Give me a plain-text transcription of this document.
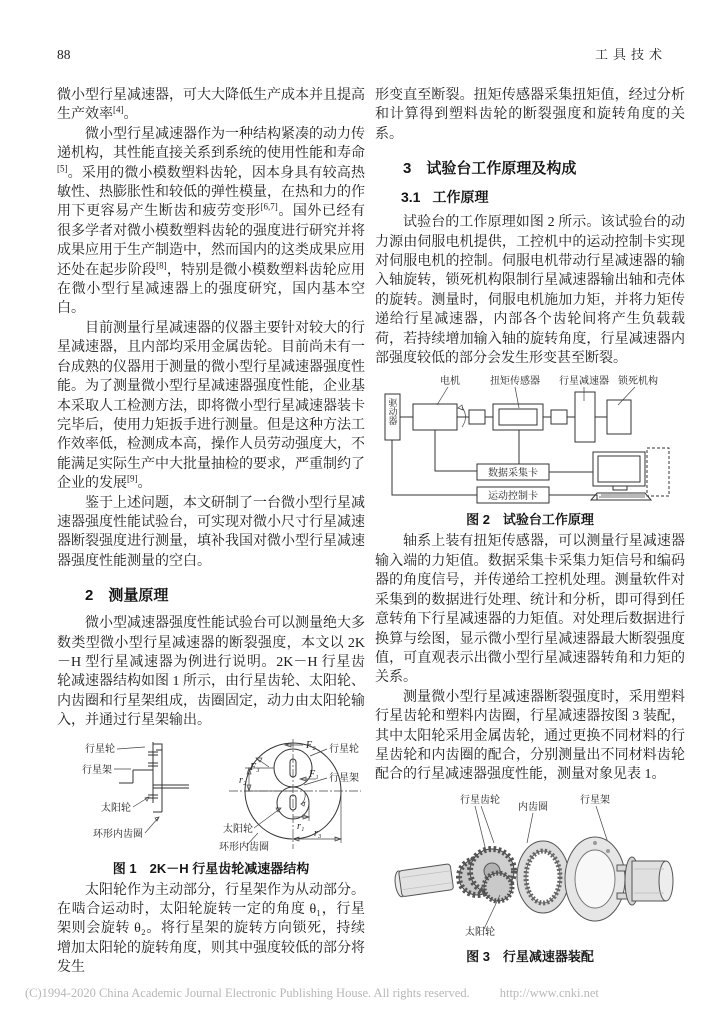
88	工具技术

微小型行星减速器，可大大降低生产成本并且提高生产效率[4]。

微小型行星减速器作为一种结构紧凑的动力传递机构，其性能直接关系到系统的使用性能和寿命[5]。采用的微小模数塑料齿轮，因本身具有较高热敏性、热膨胀性和较低的弹性模量，在热和力的作用下更容易产生断齿和疲劳变形[6,7]。国外已经有很多学者对微小模数塑料齿轮的强度进行研究并将成果应用于生产制造中，然而国内的这类成果应用还处在起步阶段[8]，特别是微小模数塑料齿轮应用在微小型行星减速器上的强度研究，国内基本空白。

目前测量行星减速器的仪器主要针对较大的行星减速器，且内部均采用金属齿轮。目前尚未有一台成熟的仪器用于测量的微小型行星减速器强度性能。为了测量微小型行星减速器强度性能，企业基本采取人工检测方法，即将微小型行星减速器装卡完毕后，使用力矩扳手进行测量。但是这种方法工作效率低，检测成本高，操作人员劳动强度大，不能满足实际生产中大批量抽检的要求，严重制约了企业的发展[9]。

鉴于上述问题，本文研制了一台微小型行星减速器强度性能试验台，可实现对微小尺寸行星减速器断裂强度进行测量，填补我国对微小型行星减速器强度性能测量的空白。

2 测量原理

微小型减速器强度性能试验台可以测量绝大多数类型微小型行星减速器的断裂强度，本文以 2K－H 型行星减速器为例进行说明。2K－H 行星齿轮减速器结构如图 1 所示，由行星齿轮、太阳轮、内齿圈和行星架组成，齿圈固定，动力由太阳轮输入，并通过行星架输出。

行星轮
行星架
太阳轮
环形内齿圈
F₂
F₃
F₁
行星轮
行星架
r₂
r₁
r₃
太阳轮
环形内齿圈
图 1　2K－H 行星齿轮减速器结构

太阳轮作为主动部分，行星架作为从动部分。在啮合运动时，太阳轮旋转一定的角度 θ₁，行星架则会旋转 θ₂。将行星架的旋转方向锁死，持续增加太阳轮的旋转角度，则其中强度较低的部分将发生

形变直至断裂。扭矩传感器采集扭矩值，经过分析和计算得到塑料齿轮的断裂强度和旋转角度的关系。

3 试验台工作原理及构成
3.1 工作原理

试验台的工作原理如图 2 所示。该试验台的动力源由伺服电机提供，工控机中的运动控制卡实现对伺服电机的控制。伺服电机带动行星减速器的输入轴旋转，锁死机构限制行星减速器输出轴和壳体的旋转。测量时，伺服电机施加力矩，并将力矩传递给行星减速器，内部各个齿轮间将产生负载载荷，若持续增加输入轴的旋转角度，行星减速器内部强度较低的部分会发生形变甚至断裂。

电机	扭矩传感器 行星减速器 锁死机构
驱动器
数据采集卡
运动控制卡
图 2　试验台工作原理

轴系上装有扭矩传感器，可以测量行星减速器输入端的力矩值。数据采集卡采集力矩信号和编码器的角度信号，并传递给工控机处理。测量软件对采集到的数据进行处理、统计和分析，即可得到任意转角下行星减速器的力矩值。对处理后数据进行换算与绘图，显示微小型行星减速器最大断裂强度值，可直观表示出微小型行星减速器转角和力矩的关系。

测量微小型行星减速器断裂强度时，采用塑料行星齿轮和塑料内齿圈，行星减速器按图 3 装配，其中太阳轮采用金属齿轮，通过更换不同材料的行星齿轮和内齿圈的配合，分别测量出不同材料齿轮配合的行星减速器强度性能，测量对象见表 1。

行星齿轮
内齿圈
行星架
太阳轮
图 3　行星减速器装配
(C)1994-2020 China Academic Journal Electronic Publishing House. All rights reserved. http://www.cnki.net
